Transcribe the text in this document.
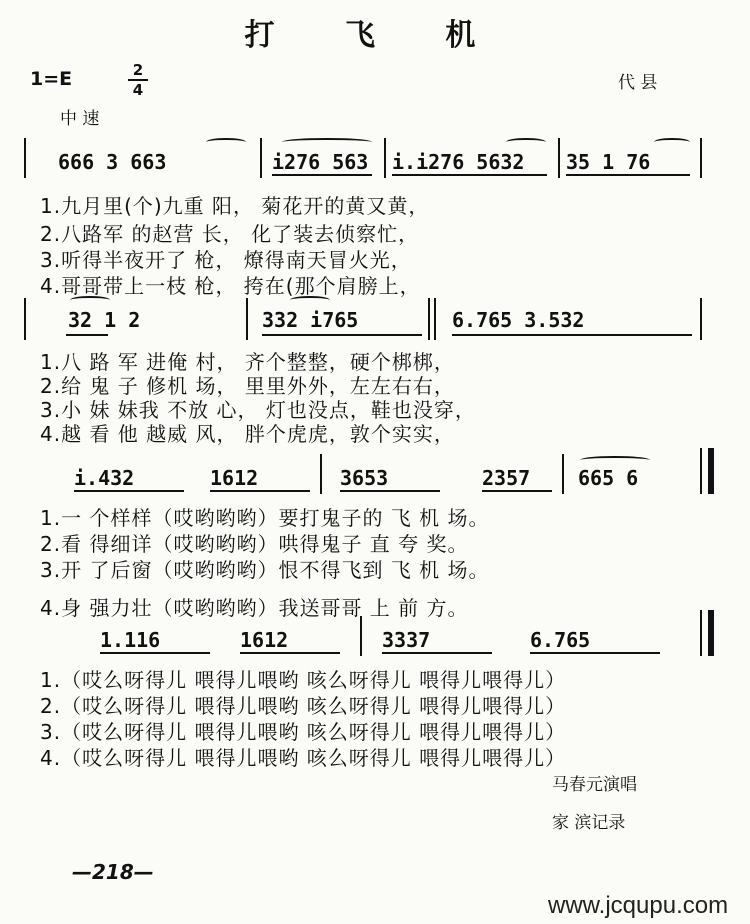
打 飞 机
1=E	2
4	代 县
中 速
666 3 663	i276 563 i.i276 5632 35 1 76
1.九月里(个)九重 阳， 菊花开的黄又黄，
2.八路军 的赵营 长， 化了装去侦察忙，
3.听得半夜开了 枪， 燎得南天冒火光，
4.哥哥带上一枝 枪， 挎在(那个肩膀上，
32 1 2	332 i765	6.765 3.532
1.八 路 军 进俺 村， 齐个整整，硬个梆梆，
2.给 鬼 子 修机 场， 里里外外，左左右右，
3.小 妹 妹我 不放 心， 灯也没点，鞋也没穿，
4.越 看 他 越威 风， 胖个虎虎，敦个实实，
i.432	1612	3653	2357 665 6
1.一 个样样（哎哟哟哟）要打鬼子的 飞 机 场。
2.看 得细详（哎哟哟哟）哄得鬼子 直 夸 奖。
3.开 了后窗（哎哟哟哟）恨不得飞到 飞 机 场。
4.身 强力壮（哎哟哟哟）我送哥哥 上 前 方。
1.116	1612	3337	6.765
1.（哎么呀得儿 喂得儿喂哟 咳么呀得儿 喂得儿喂得儿）
2.（哎么呀得儿 喂得儿喂哟 咳么呀得儿 喂得儿喂得儿）
3.（哎么呀得儿 喂得儿喂哟 咳么呀得儿 喂得儿喂得儿）
4.（哎么呀得儿 喂得儿喂哟 咳么呀得儿 喂得儿喂得儿）
马春元演唱
家 滨记录
—218—
www.jcqupu.com
